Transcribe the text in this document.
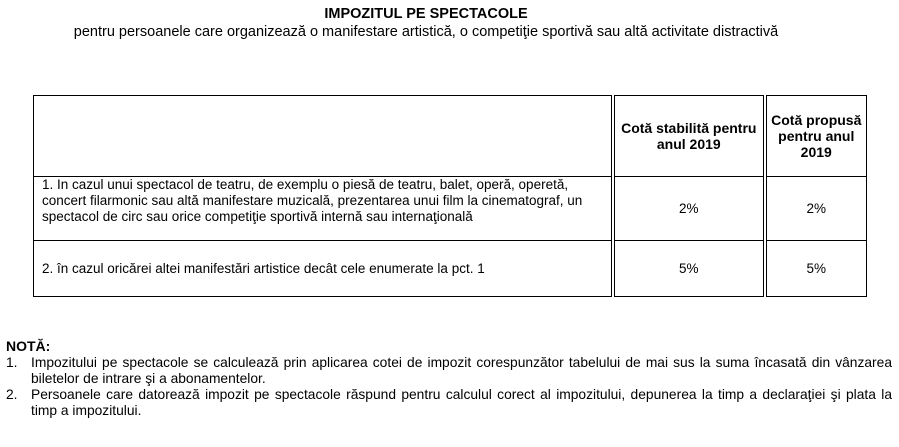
IMPOZITUL PE SPECTACOLE
pentru persoanele care organizează o manifestare artistică, o competiţie sportivă sau altă activitate distractivă
	Cotă stabilită pentru anul 2019	Cotă propusă pentru anul 2019
1. In cazul unui spectacol de teatru, de exemplu o piesă de teatru, balet, operă, operetă, concert filarmonic sau altă manifestare muzicală, prezentarea unui film la cinematograf, un spectacol de circ sau orice competiţie sportivă internă sau internaţională	2%	2%
2. în cazul oricărei altei manifestări artistice decât cele enumerate la pct. 1	5%	5%
NOTĂ:
1. Impozitului pe spectacole se calculează prin aplicarea cotei de impozit corespunzător tabelului de mai sus la suma încasată din vânzarea biletelor de intrare şi a abonamentelor.
2. Persoanele care datorează impozit pe spectacole răspund pentru calculul corect al impozitului, depunerea la timp a declaraţiei şi plata la timp a impozitului.
